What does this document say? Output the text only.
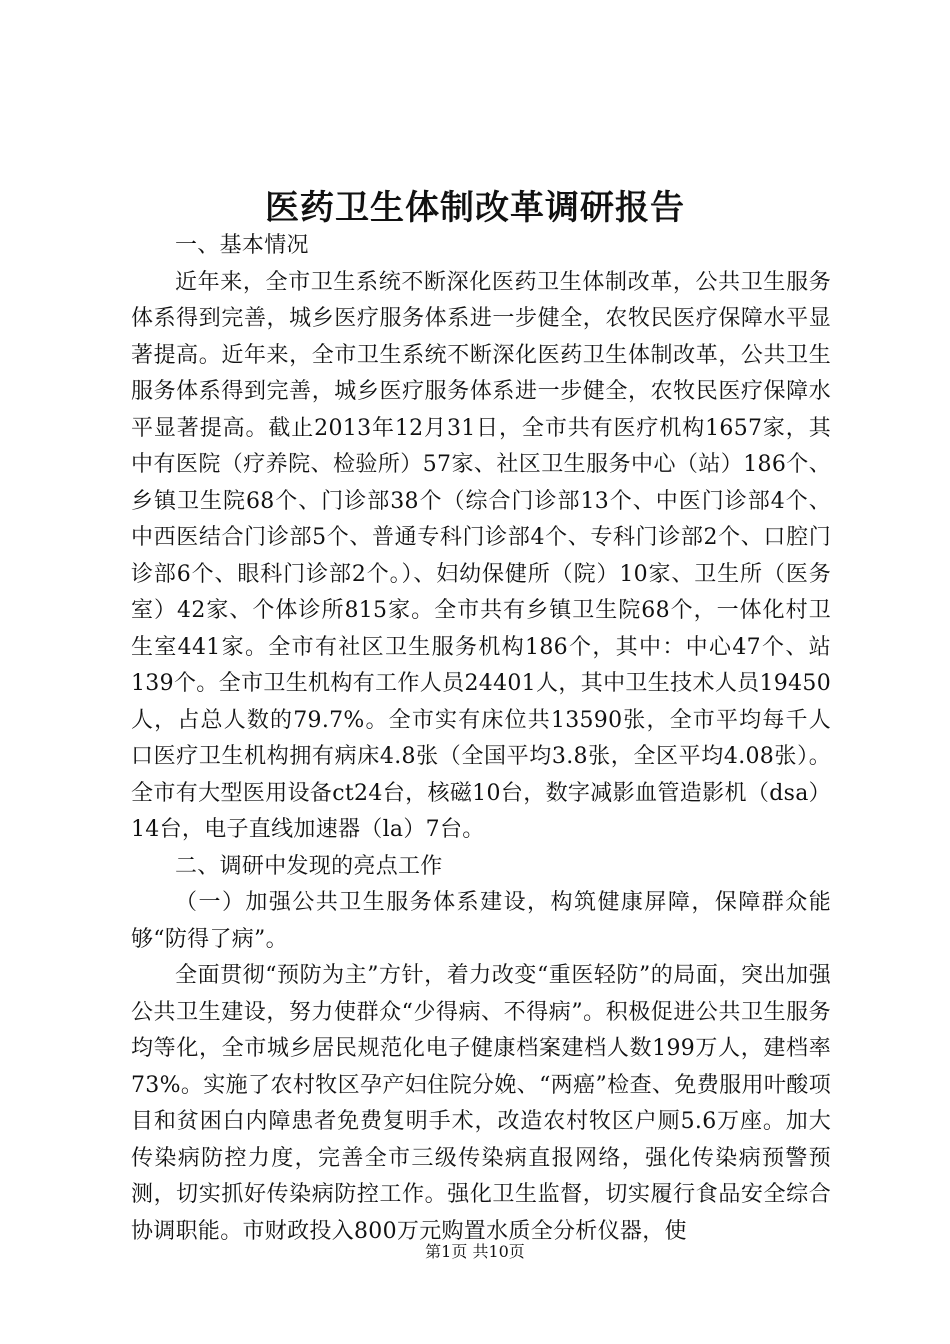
医药卫生体制改革调研报告

一、基本情况

近年来，全市卫生系统不断深化医药卫生体制改革，公共卫生服务体系得到完善，城乡医疗服务体系进一步健全，农牧民医疗保障水平显著提高。近年来，全市卫生系统不断深化医药卫生体制改革，公共卫生服务体系得到完善，城乡医疗服务体系进一步健全，农牧民医疗保障水平显著提高。截止2013年12月31日，全市共有医疗机构1657家，其中有医院（疗养院、检验所）57家、社区卫生服务中心（站）186个、乡镇卫生院68个、门诊部38个（综合门诊部13个、中医门诊部4个、中西医结合门诊部5个、普通专科门诊部4个、专科门诊部2个、口腔门诊部6个、眼科门诊部2个。）、妇幼保健所（院）10家、卫生所（医务室）42家、个体诊所815家。全市共有乡镇卫生院68个，一体化村卫生室441家。全市有社区卫生服务机构186个，其中：中心47个、站139个。全市卫生机构有工作人员24401人，其中卫生技术人员19450人，占总人数的79.7%。全市实有床位共13590张，全市平均每千人口医疗卫生机构拥有病床4.8张（全国平均3.8张，全区平均4.08张）。全市有大型医用设备ct24台，核磁10台，数字减影血管造影机（dsa）14台，电子直线加速器（la）7台。

二、调研中发现的亮点工作

（一）加强公共卫生服务体系建设，构筑健康屏障，保障群众能够“防得了病”。

全面贯彻“预防为主”方针，着力改变“重医轻防”的局面，突出加强公共卫生建设，努力使群众“少得病、不得病”。积极促进公共卫生服务均等化，全市城乡居民规范化电子健康档案建档人数199万人，建档率73%。实施了农村牧区孕产妇住院分娩、“两癌”检查、免费服用叶酸项目和贫困白内障患者免费复明手术，改造农村牧区户厕5.6万座。加大传染病防控力度，完善全市三级传染病直报网络，强化传染病预警预测，切实抓好传染病防控工作。强化卫生监督，切实履行食品安全综合协调职能。市财政投入800万元购置水质全分析仪器，使

第1页 共10页
